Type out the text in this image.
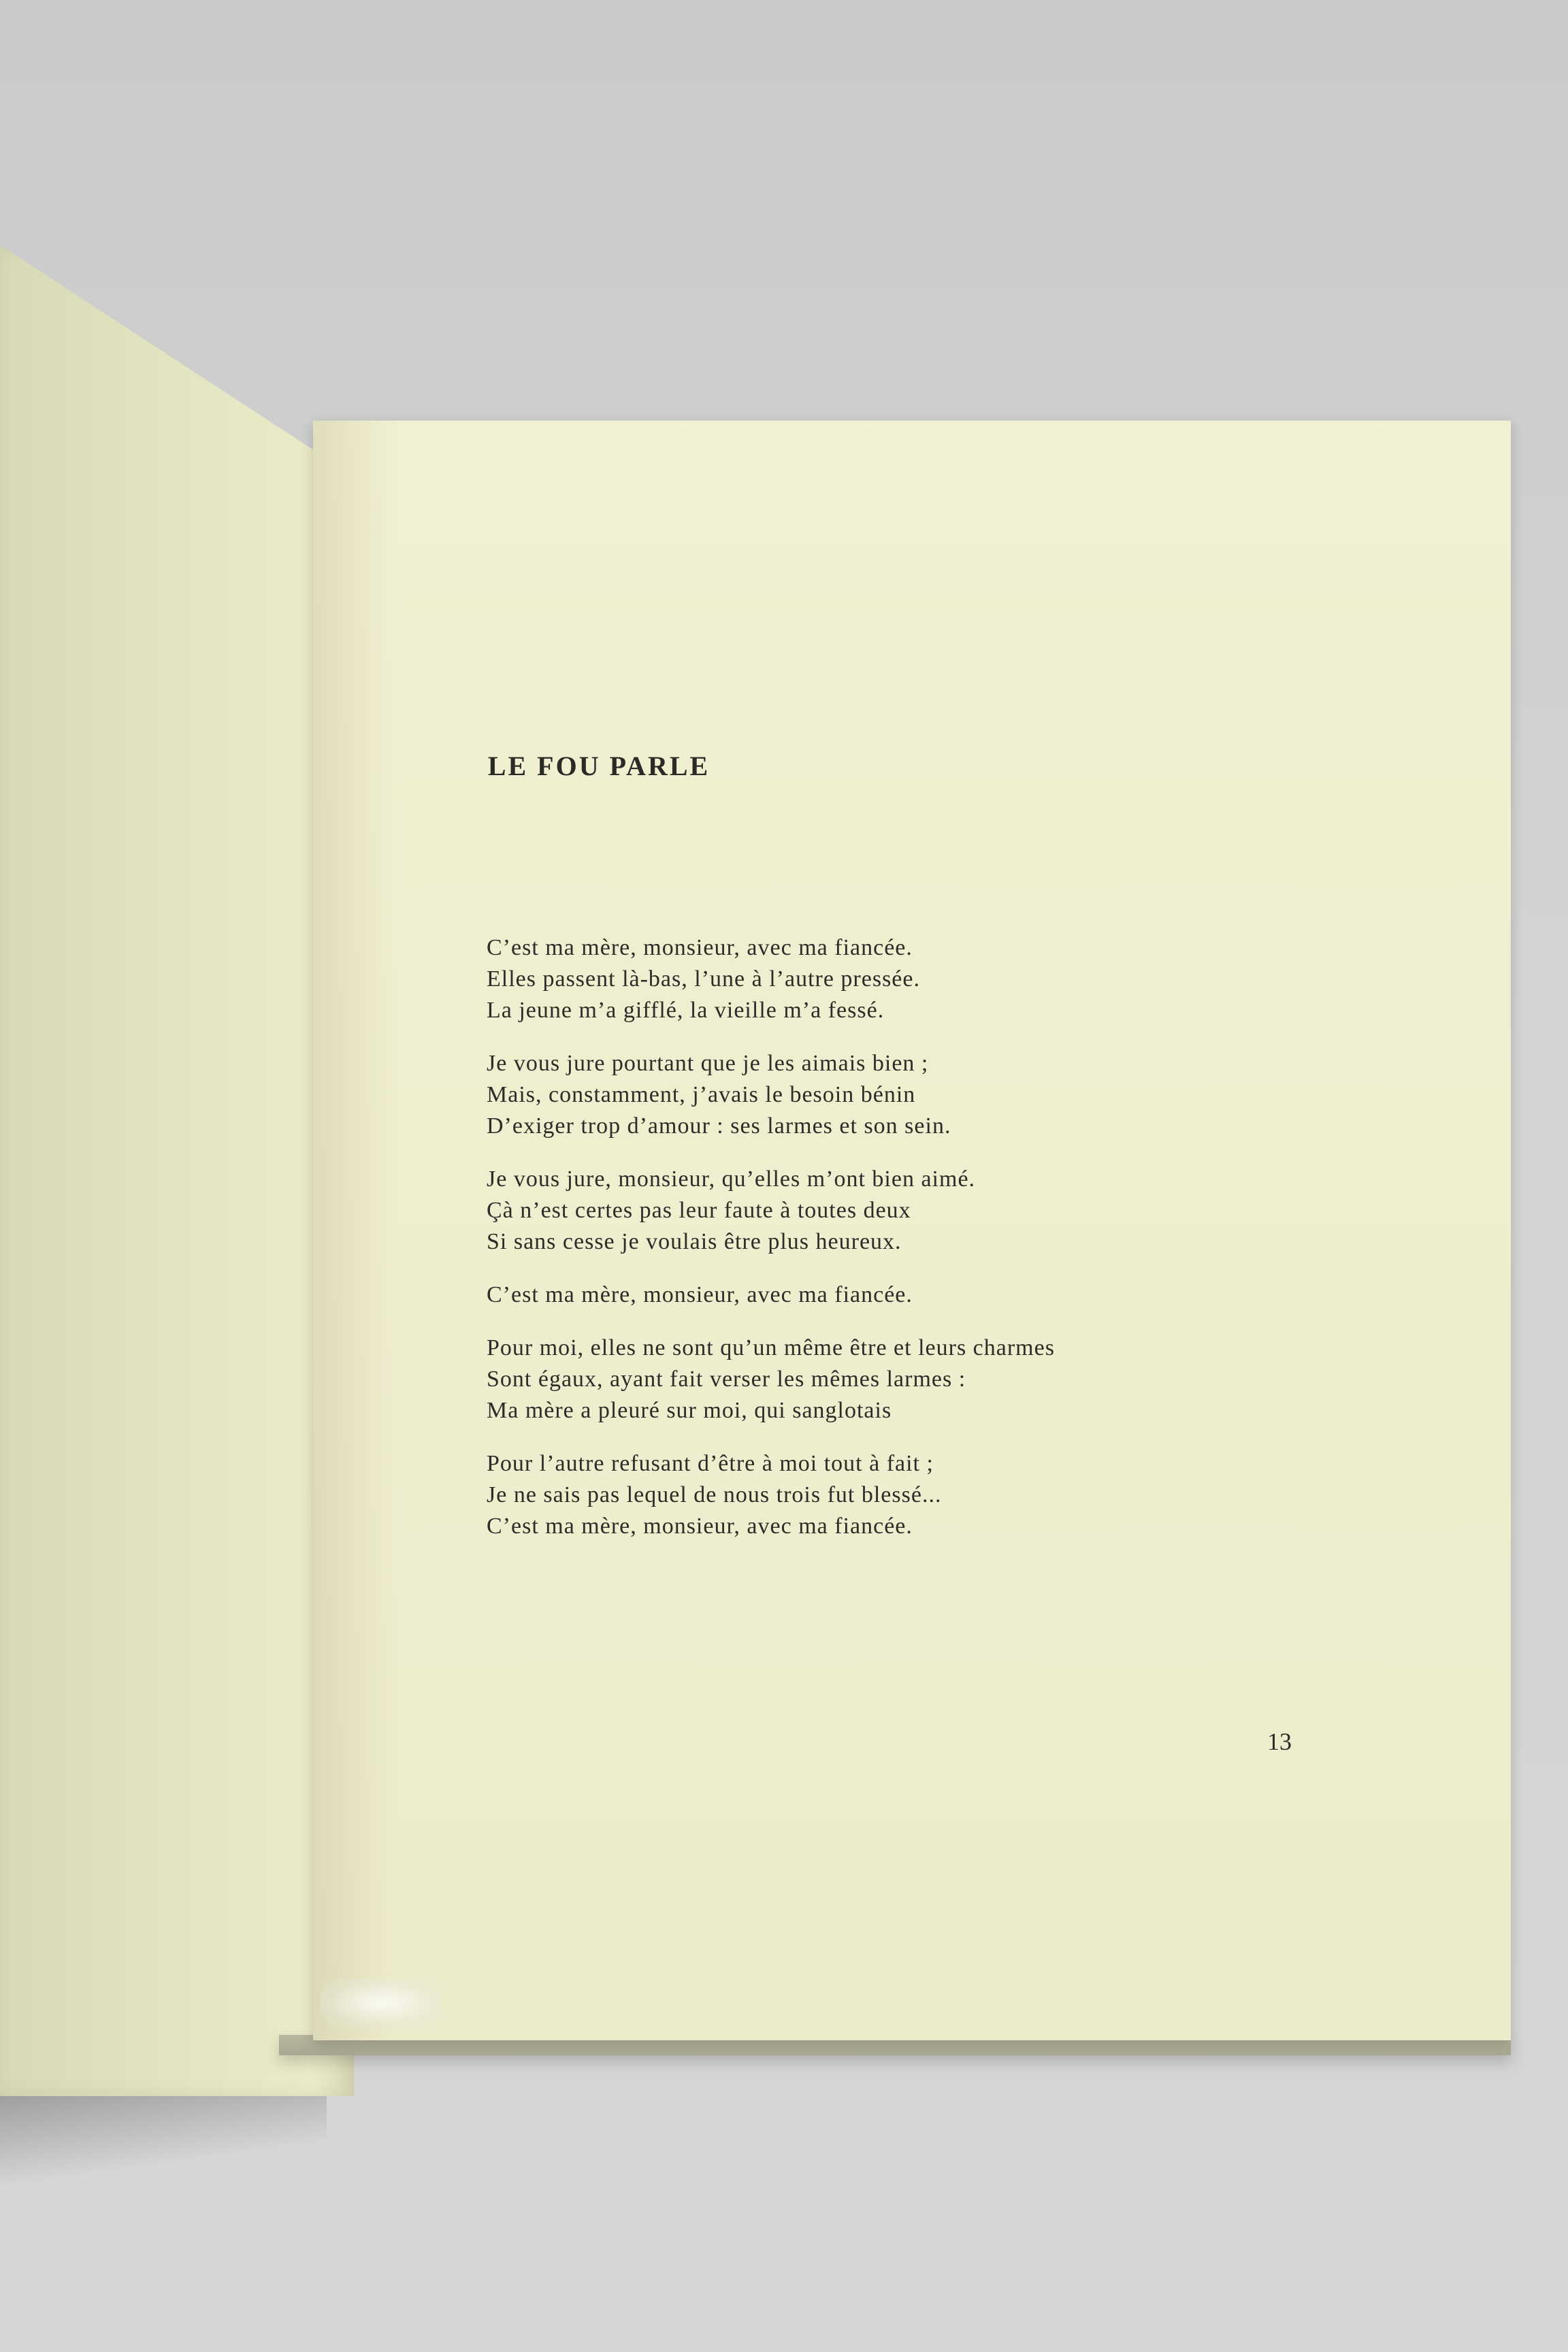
LE FOU PARLE
C’est ma mère, monsieur, avec ma fiancée.
Elles passent là-bas, l’une à l’autre pressée.
La jeune m’a gifflé, la vieille m’a fessé.
Je vous jure pourtant que je les aimais bien ;
Mais, constamment, j’avais le besoin bénin
D’exiger trop d’amour : ses larmes et son sein.
Je vous jure, monsieur, qu’elles m’ont bien aimé.
Çà n’est certes pas leur faute à toutes deux
Si sans cesse je voulais être plus heureux.
C’est ma mère, monsieur, avec ma fiancée.
Pour moi, elles ne sont qu’un même être et leurs charmes
Sont égaux, ayant fait verser les mêmes larmes :
Ma mère a pleuré sur moi, qui sanglotais
Pour l’autre refusant d’être à moi tout à fait ;
Je ne sais pas lequel de nous trois fut blessé...
C’est ma mère, monsieur, avec ma fiancée.
13
